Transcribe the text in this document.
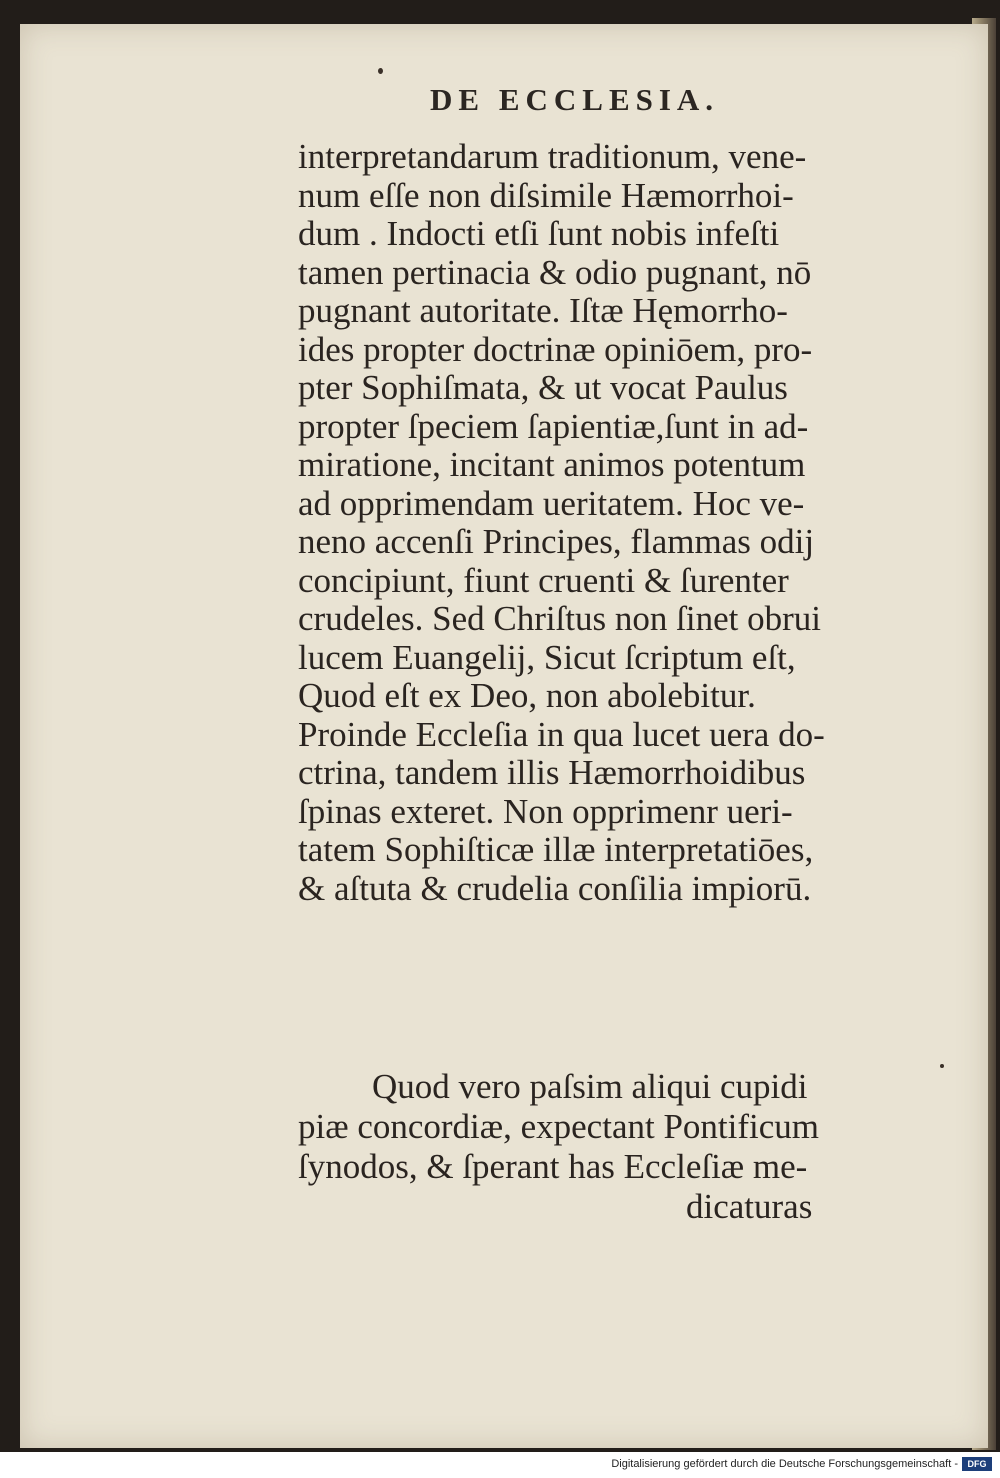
DE ECCLESIA.
interpretandarum traditionum, vene-
num eſſe non diſsimile Hæmorrhoi-
dum . Indocti etſi ſunt nobis infeſti
tamen pertinacia & odio pugnant, nō
pugnant autoritate. Iſtæ Hęmorrho-
ides propter doctrinæ opiniōem, pro-
pter Sophiſmata, & ut vocat Paulus
propter ſpeciem ſapientiæ,ſunt in ad-
miratione, incitant animos potentum
ad opprimendam ueritatem. Hoc ve-
neno accenſi Principes, flammas odij
concipiunt, fiunt cruenti & ſurenter
crudeles. Sed Chriſtus non ſinet obrui
lucem Euangelij, Sicut ſcriptum eſt,
Quod eſt ex Deo, non abolebitur.
Proinde Eccleſia in qua lucet uera do-
ctrina, tandem illis Hæmorrhoidibus
ſpinas exteret. Non opprimenr ueri-
tatem Sophiſticæ illæ interpretatiōes,
& aſtuta & crudelia conſilia impiorū.
Quod vero paſsim aliqui cupidi
piæ concordiæ, expectant Pontificum
ſynodos, & ſperant has Eccleſiæ me-
dicaturas
Digitalisierung gefördert durch die Deutsche Forschungsgemeinschaft -	DFG
